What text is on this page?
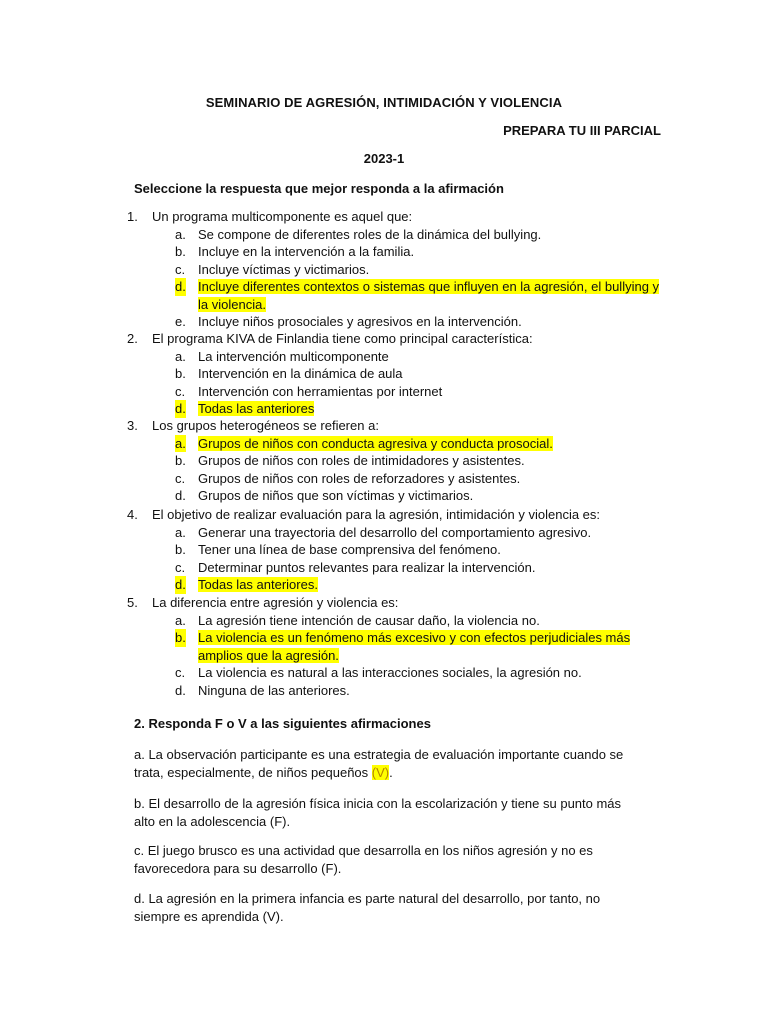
SEMINARIO DE AGRESIÓN, INTIMIDACIÓN Y VIOLENCIA
PREPARA TU III PARCIAL
2023-1
Seleccione la respuesta que mejor responda a la afirmación
1.	Un programa multicomponente es aquel que:
a. Se compone de diferentes roles de la dinámica del bullying.
b. Incluye en la intervención a la familia.
c. Incluye víctimas y victimarios.
d. Incluye diferentes contextos o sistemas que influyen en la agresión, el bullying y la violencia.
e. Incluye niños prosociales y agresivos en la intervención.
2.	El programa KIVA de Finlandia tiene como principal característica:
a. La intervención multicomponente
b. Intervención en la dinámica de aula
c. Intervención con herramientas por internet
d. Todas las anteriores
3.	Los grupos heterogéneos se refieren a:
a. Grupos de niños con conducta agresiva y conducta prosocial.
b. Grupos de niños con roles de intimidadores y asistentes.
c. Grupos de niños con roles de reforzadores y asistentes.
d. Grupos de niños que son víctimas y victimarios.
4.	El objetivo de realizar evaluación para la agresión, intimidación y violencia es:
a. Generar una trayectoria del desarrollo del comportamiento agresivo.
b. Tener una línea de base comprensiva del fenómeno.
c. Determinar puntos relevantes para realizar la intervención.
d. Todas las anteriores.
5.	La diferencia entre agresión y violencia es:
a. La agresión tiene intención de causar daño, la violencia no.
b. La violencia es un fenómeno más excesivo y con efectos perjudiciales más amplios que la agresión.
c. La violencia es natural a las interacciones sociales, la agresión no.
d. Ninguna de las anteriores.
2. Responda F o V a las siguientes afirmaciones
a. La observación participante es una estrategia de evaluación importante cuando se trata, especialmente, de niños pequeños (V).
b. El desarrollo de la agresión física inicia con la escolarización y tiene su punto más alto en la adolescencia (F).
c. El juego brusco es una actividad que desarrolla en los niños agresión y no es favorecedora para su desarrollo (F).
d. La agresión en la primera infancia es parte natural del desarrollo, por tanto, no siempre es aprendida (V).
